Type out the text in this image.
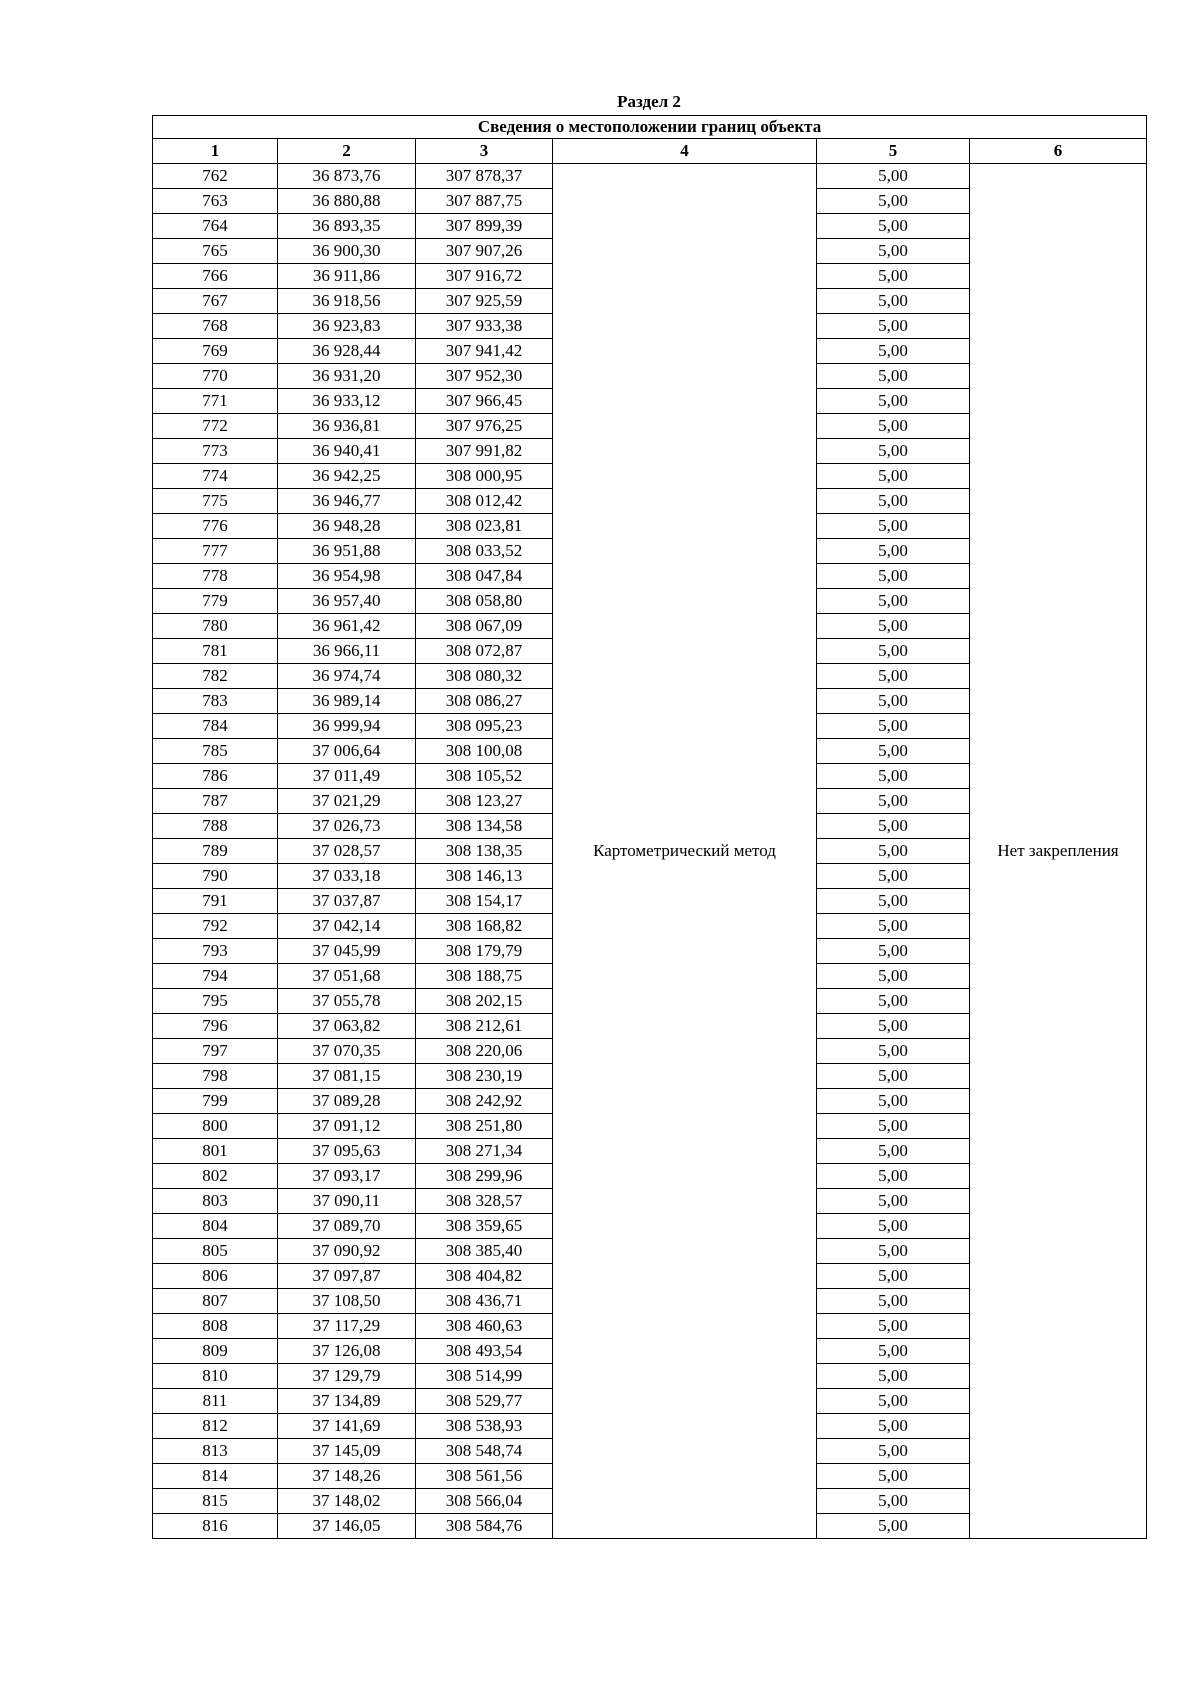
Раздел 2
Сведения о местоположении границ объекта					
1	2	3	4	5	6
762	36 873,76	307 878,37	Картометрический метод	5,00	Нет закрепления
763	36 880,88	307 887,75		5,00	
764	36 893,35	307 899,39		5,00	
765	36 900,30	307 907,26		5,00	
766	36 911,86	307 916,72		5,00	
767	36 918,56	307 925,59		5,00	
768	36 923,83	307 933,38		5,00	
769	36 928,44	307 941,42		5,00	
770	36 931,20	307 952,30		5,00	
771	36 933,12	307 966,45		5,00	
772	36 936,81	307 976,25		5,00	
773	36 940,41	307 991,82		5,00	
774	36 942,25	308 000,95		5,00	
775	36 946,77	308 012,42		5,00	
776	36 948,28	308 023,81		5,00	
777	36 951,88	308 033,52		5,00	
778	36 954,98	308 047,84		5,00	
779	36 957,40	308 058,80		5,00	
780	36 961,42	308 067,09		5,00	
781	36 966,11	308 072,87		5,00	
782	36 974,74	308 080,32		5,00	
783	36 989,14	308 086,27		5,00	
784	36 999,94	308 095,23		5,00	
785	37 006,64	308 100,08		5,00	
786	37 011,49	308 105,52		5,00	
787	37 021,29	308 123,27		5,00	
788	37 026,73	308 134,58		5,00	
789	37 028,57	308 138,35		5,00	
790	37 033,18	308 146,13		5,00	
791	37 037,87	308 154,17		5,00	
792	37 042,14	308 168,82		5,00	
793	37 045,99	308 179,79		5,00	
794	37 051,68	308 188,75		5,00	
795	37 055,78	308 202,15		5,00	
796	37 063,82	308 212,61		5,00	
797	37 070,35	308 220,06		5,00	
798	37 081,15	308 230,19		5,00	
799	37 089,28	308 242,92		5,00	
800	37 091,12	308 251,80		5,00	
801	37 095,63	308 271,34		5,00	
802	37 093,17	308 299,96		5,00	
803	37 090,11	308 328,57		5,00	
804	37 089,70	308 359,65		5,00	
805	37 090,92	308 385,40		5,00	
806	37 097,87	308 404,82		5,00	
807	37 108,50	308 436,71		5,00	
808	37 117,29	308 460,63		5,00	
809	37 126,08	308 493,54		5,00	
810	37 129,79	308 514,99		5,00	
811	37 134,89	308 529,77		5,00	
812	37 141,69	308 538,93		5,00	
813	37 145,09	308 548,74		5,00	
814	37 148,26	308 561,56		5,00	
815	37 148,02	308 566,04		5,00	
816	37 146,05	308 584,76		5,00	
